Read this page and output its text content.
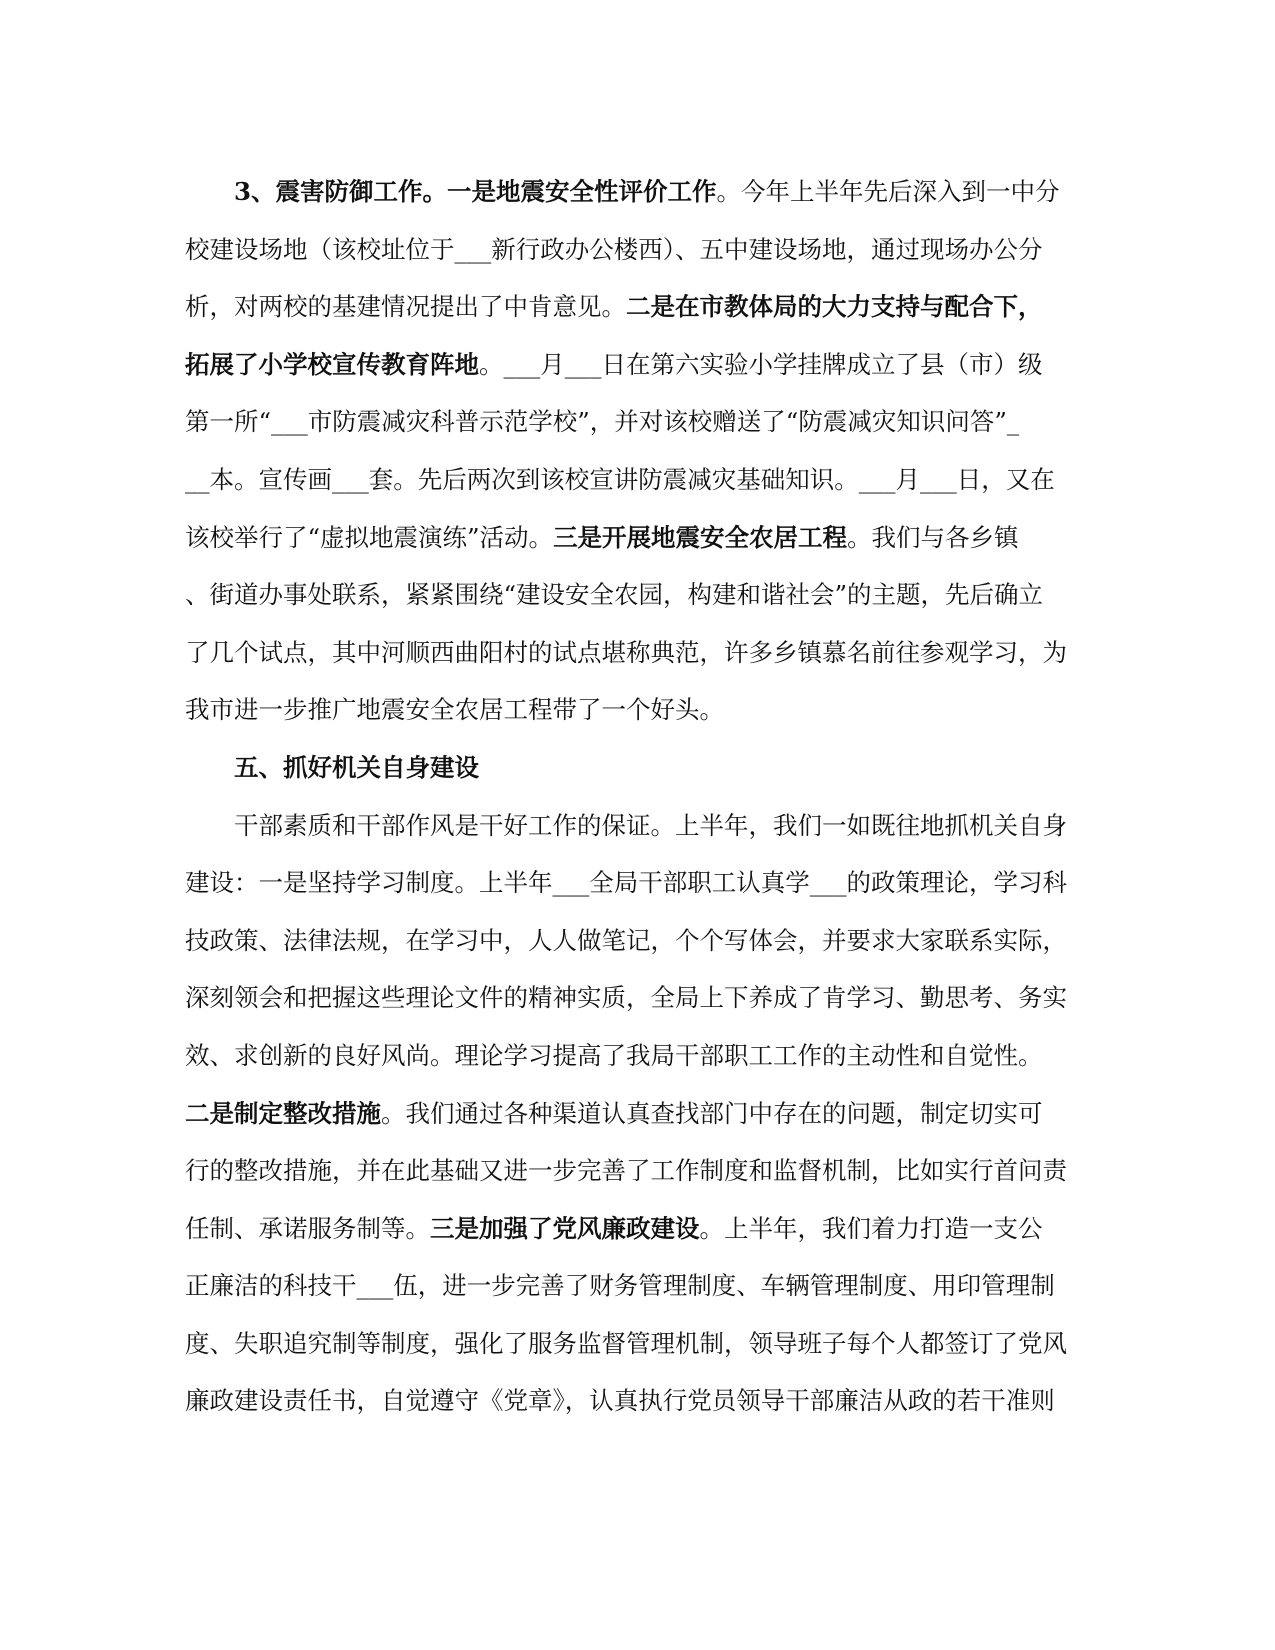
3、震害防御工作。一是地震安全性评价工作。今年上半年先后深入到一中分
校建设场地（该校址位于___新行政办公楼西）、五中建设场地，通过现场办公分
析，对两校的基建情况提出了中肯意见。二是在市教体局的大力支持与配合下，
拓展了小学校宣传教育阵地。___月___日在第六实验小学挂牌成立了县（市）级
第一所“___市防震减灾科普示范学校”，并对该校赠送了“防震减灾知识问答”_
__本。宣传画___套。先后两次到该校宣讲防震减灾基础知识。___月___日，又在
该校举行了“虚拟地震演练”活动。三是开展地震安全农居工程。我们与各乡镇
、街道办事处联系，紧紧围绕“建设安全农园，构建和谐社会”的主题，先后确立
了几个试点，其中河顺西曲阳村的试点堪称典范，许多乡镇慕名前往参观学习，为
我市进一步推广地震安全农居工程带了一个好头。
五、抓好机关自身建设
干部素质和干部作风是干好工作的保证。上半年，我们一如既往地抓机关自身
建设：一是坚持学习制度。上半年___全局干部职工认真学___的政策理论，学习科
技政策、法律法规，在学习中，人人做笔记，个个写体会，并要求大家联系实际，
深刻领会和把握这些理论文件的精神实质，全局上下养成了肯学习、勤思考、务实
效、求创新的良好风尚。理论学习提高了我局干部职工工作的主动性和自觉性。
二是制定整改措施。我们通过各种渠道认真查找部门中存在的问题，制定切实可
行的整改措施，并在此基础又进一步完善了工作制度和监督机制，比如实行首问责
任制、承诺服务制等。三是加强了党风廉政建设。上半年，我们着力打造一支公
正廉洁的科技干___伍，进一步完善了财务管理制度、车辆管理制度、用印管理制
度、失职追究制等制度，强化了服务监督管理机制，领导班子每个人都签订了党风
廉政建设责任书，自觉遵守《党章》，认真执行党员领导干部廉洁从政的若干准则
